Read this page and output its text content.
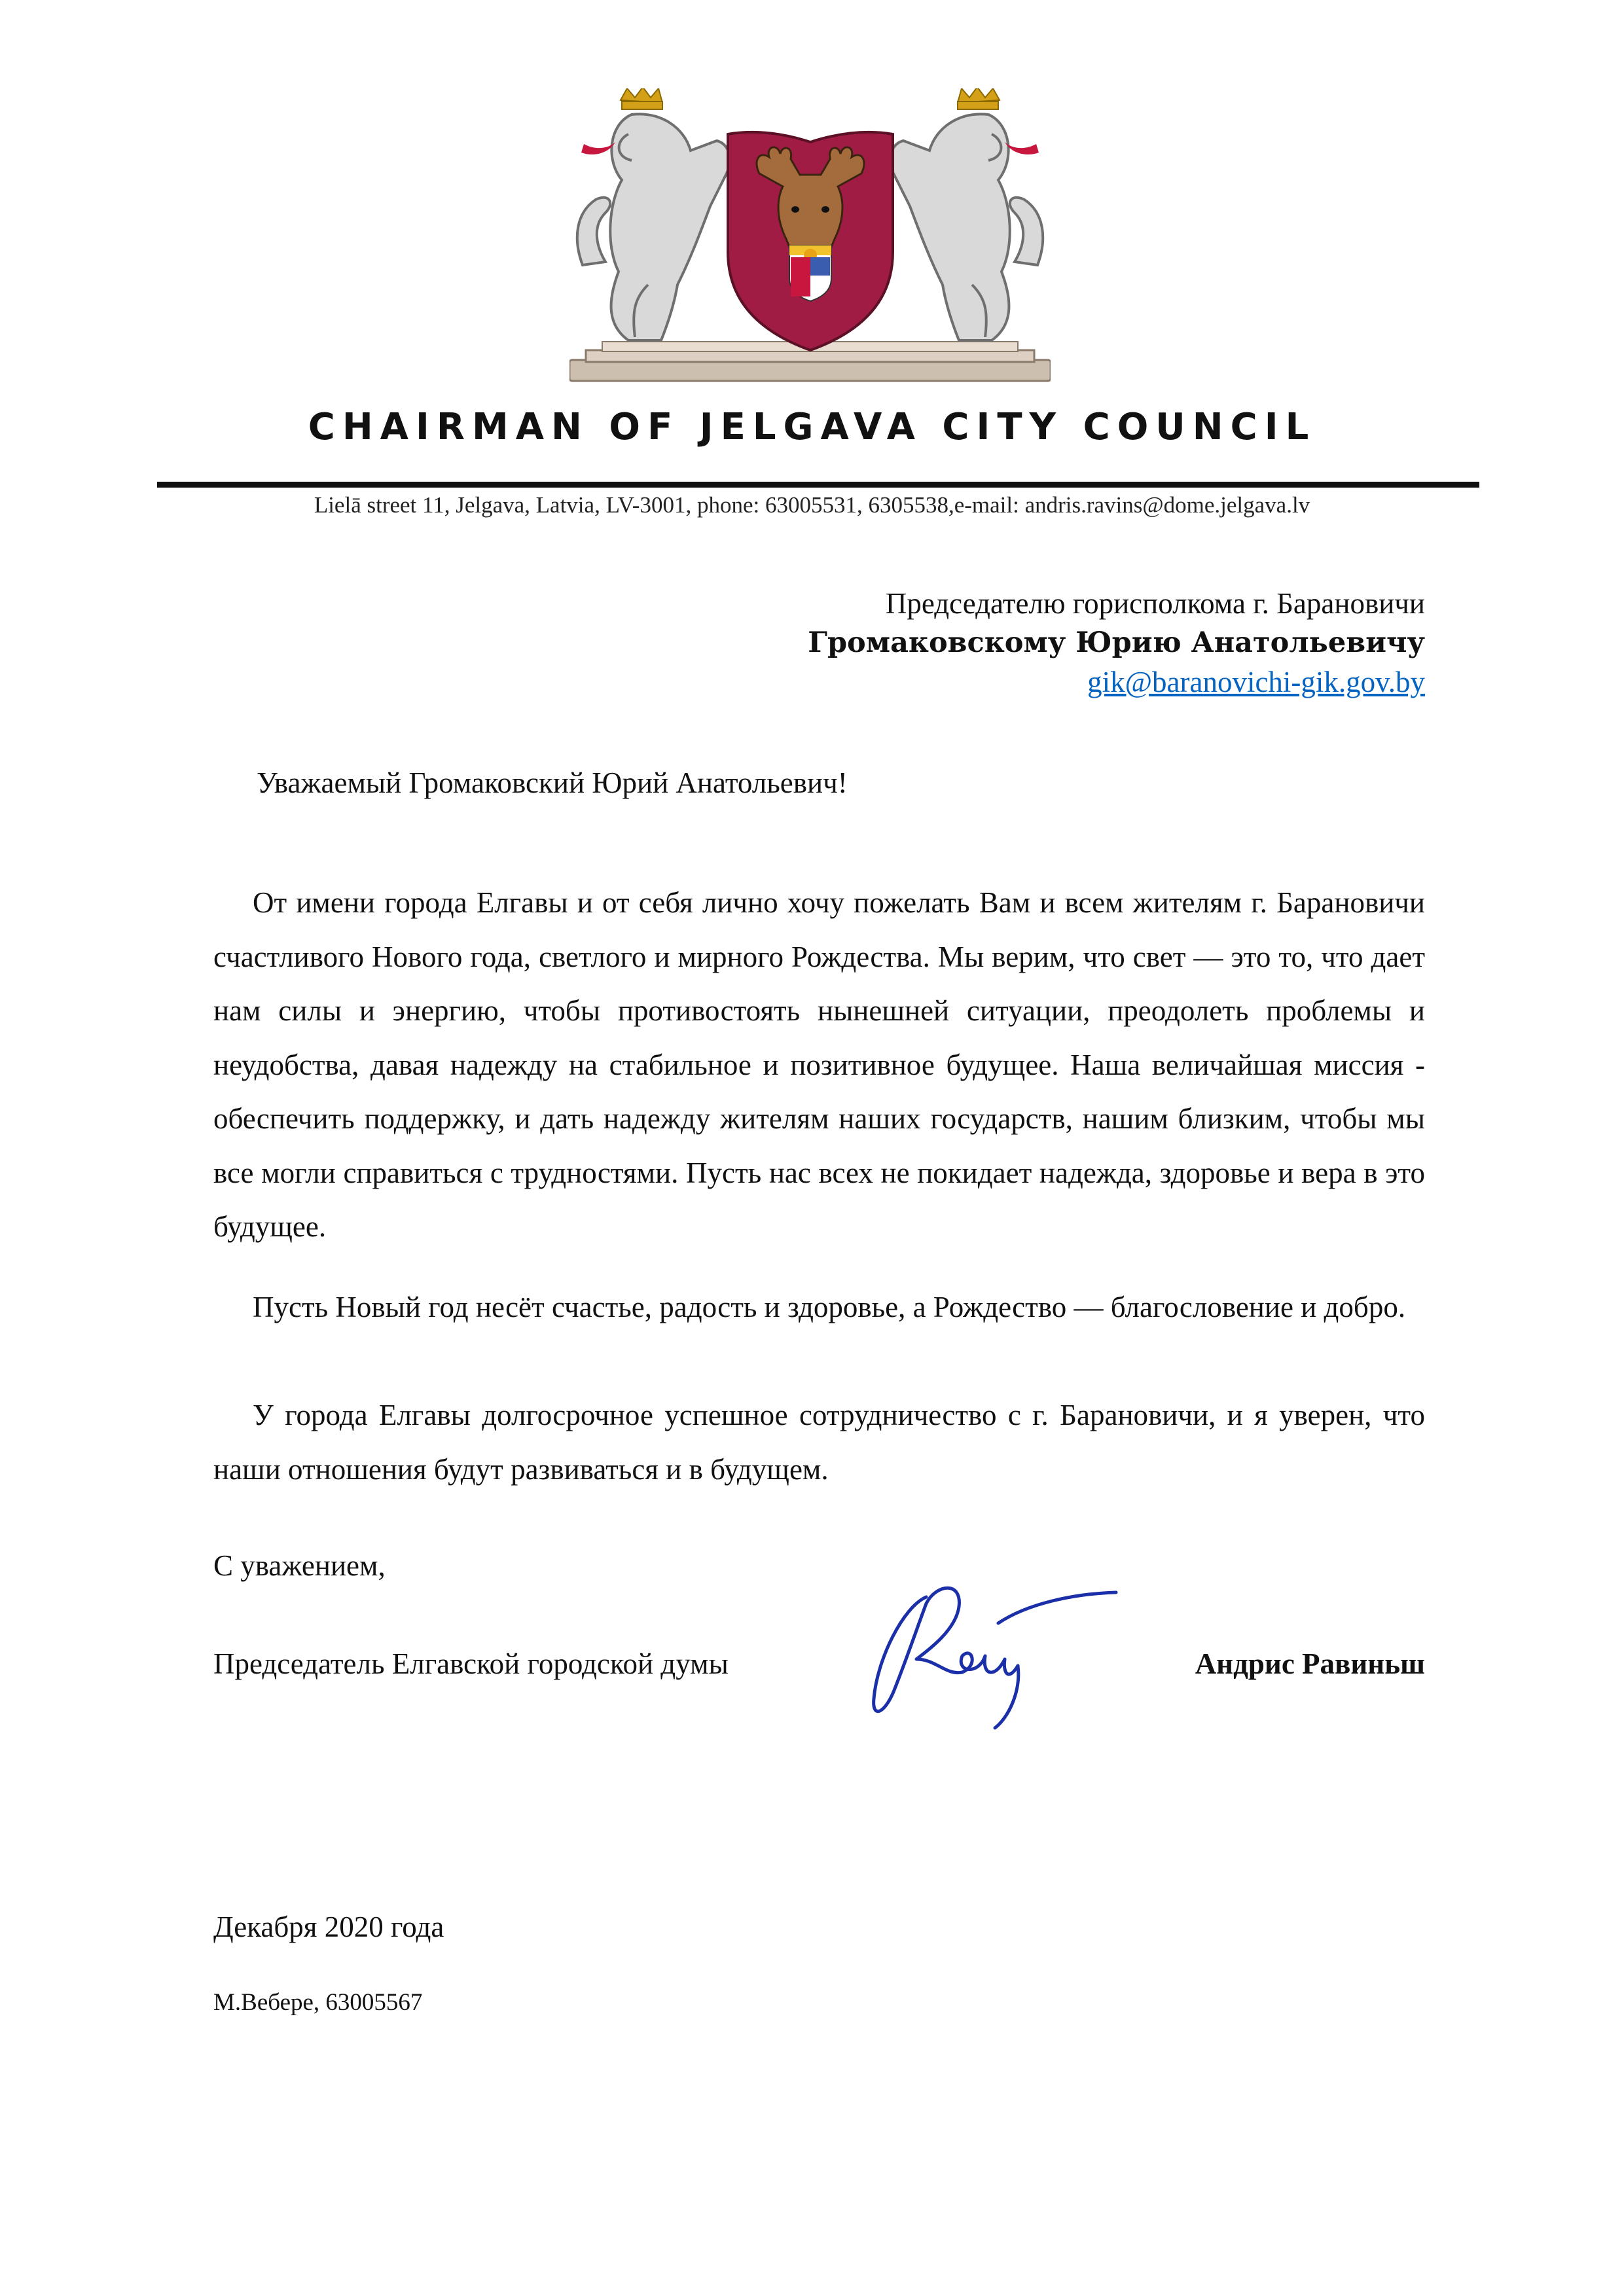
CHAIRMAN OF JELGAVA CITY COUNCIL
Lielā street 11, Jelgava, Latvia, LV-3001, phone: 63005531, 6305538,e-mail: andris.ravins@dome.jelgava.lv
Председателю горисполкома г. Барановичи
Громаковскому Юрию Анатольевичу
gik@baranovichi-gik.gov.by
Уважаемый Громаковский Юрий Анатольевич!

От имени города Елгавы и от себя лично хочу пожелать Вам и всем жителям г. Барановичи счастливого Нового года, светлого и мирного Рождества. Мы верим, что свет — это то, что дает нам силы и энергию, чтобы противостоять нынешней ситуации, преодолеть проблемы и неудобства, давая надежду на стабильное и позитивное будущее. Наша величайшая миссия - обеспечить поддержку, и дать надежду жителям наших государств, нашим близким, чтобы мы все могли справиться с трудностями. Пусть нас всех не покидает надежда, здоровье и вера в это будущее.

Пусть Новый год несёт счастье, радость и здоровье, а Рождество — благословение и добро.

У города Елгавы долгосрочное успешное сотрудничество с г. Барановичи, и я уверен, что наши отношения будут развиваться и в будущем.

С уважением,
Председатель Елгавской городской думы	Андрис Равиньш
Декабря 2020 года
М.Вебере, 63005567
